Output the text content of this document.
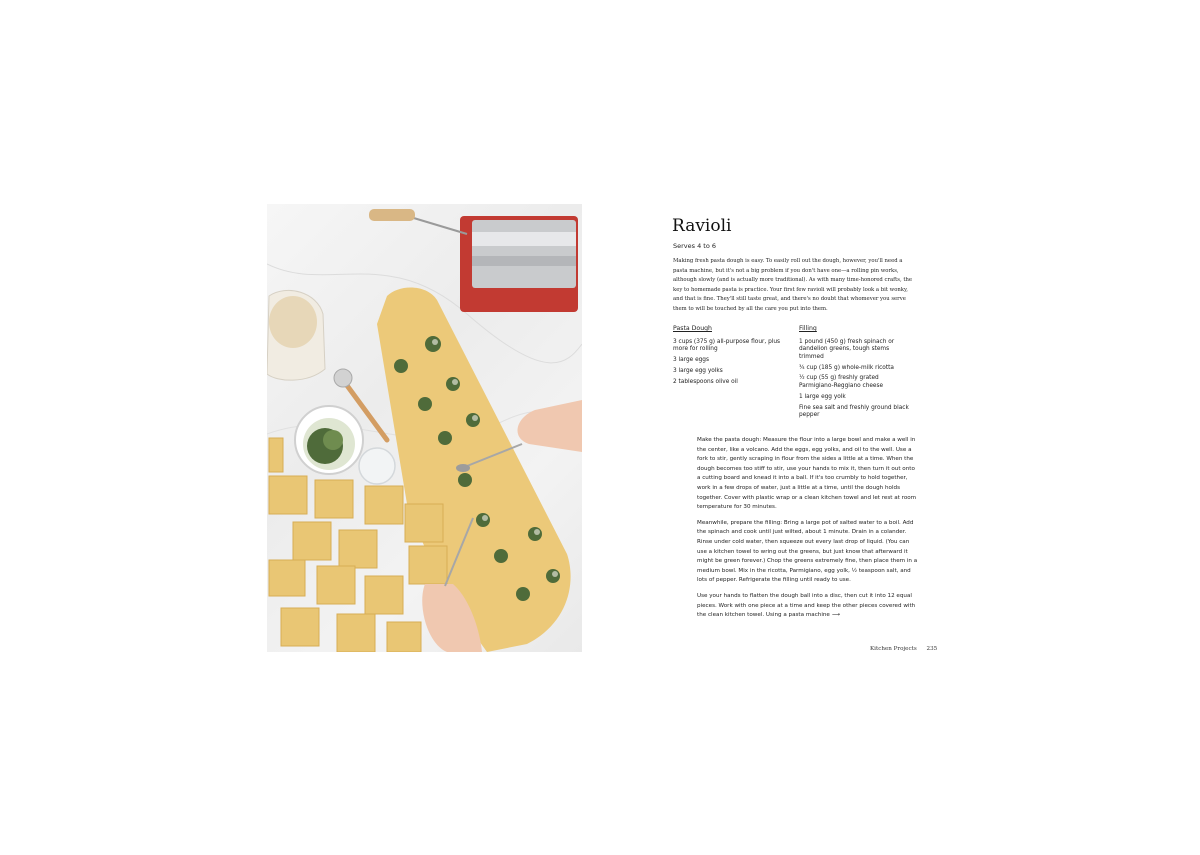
Ravioli
Serves 4 to 6

Making fresh pasta dough is easy. To easily roll out the dough, however, you'll need a pasta machine, but it's not a big problem if you don't have one—a rolling pin works, although slowly (and is actually more traditional). As with many time-honored crafts, the key to homemade pasta is practice. Your first few ravioli will probably look a bit wonky, and that is fine. They'll still taste great, and there's no doubt that whomever you serve them to will be touched by all the care you put into them.

Pasta Dough
3 cups (375 g) all-purpose flour, plus more for rolling
3 large eggs
3 large egg yolks
2 tablespoons olive oil
Filling
1 pound (450 g) fresh spinach or dandelion greens, tough stems trimmed
¾ cup (185 g) whole-milk ricotta
½ cup (55 g) freshly grated Parmigiano-Reggiano cheese
1 large egg yolk
Fine sea salt and freshly ground black pepper

Make the pasta dough: Measure the flour into a large bowl and make a well in the center, like a volcano. Add the eggs, egg yolks, and oil to the well. Use a fork to stir, gently scraping in flour from the sides a little at a time. When the dough becomes too stiff to stir, use your hands to mix it, then turn it out onto a cutting board and knead it into a ball. If it's too crumbly to hold together, work in a few drops of water, just a little at a time, until the dough holds together. Cover with plastic wrap or a clean kitchen towel and let rest at room temperature for 30 minutes.

Meanwhile, prepare the filling: Bring a large pot of salted water to a boil. Add the spinach and cook until just wilted, about 1 minute. Drain in a colander. Rinse under cold water, then squeeze out every last drop of liquid. (You can use a kitchen towel to wring out the greens, but just know that afterward it might be green forever.) Chop the greens extremely fine, then place them in a medium bowl. Mix in the ricotta, Parmigiano, egg yolk, ½ teaspoon salt, and lots of pepper. Refrigerate the filling until ready to use.

Use your hands to flatten the dough ball into a disc, then cut it into 12 equal pieces. Work with one piece at a time and keep the other pieces covered with the clean kitchen towel. Using a pasta machine ⟶

Kitchen Projects 235
